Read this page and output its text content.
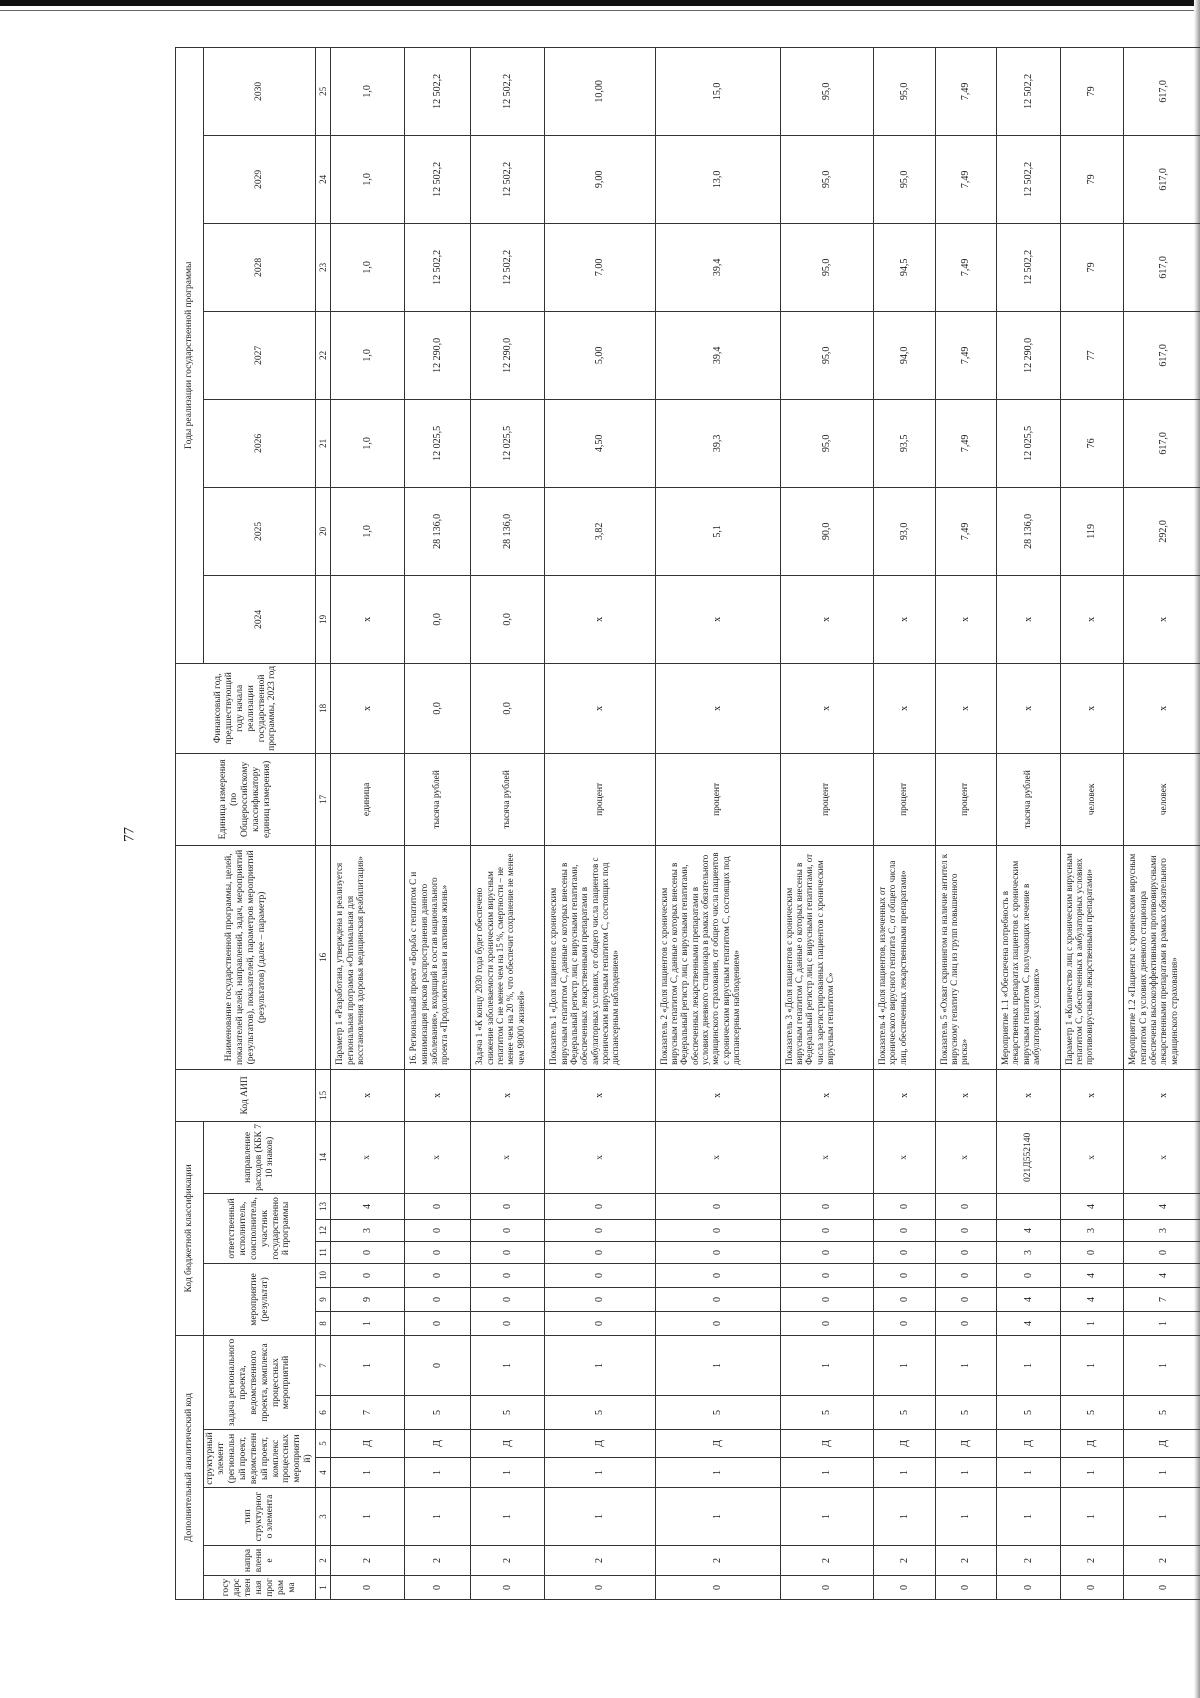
77
Дополнительный аналитический код							Код бюджетной классификации							Код АИП	Наименование государственной программы, целей, показателей целей, направлений, задач, мероприятий (результатов), показателей, параметров мероприятий (результатов) (далее – параметр)	Единица измерения (по Общероссийскому классификатору единиц измерения)	Финансовый год, предшествующий году начала реализации государственной программы, 2023 год	Годы реализации государственной программы						
государственная программа	направление	тип структурного элемента	структурный элемент (региональный проект, ведомственный проект, комплекс процессных мероприятий)		задача регионального проекта, ведомственного проекта, комплекса процессных мероприятий		мероприятие (результат)			ответственный исполнитель, соисполнитель, участник государственной программы			направление расходов (КБК 7 10 знаков)					2024	2025	2026	2027	2028	2029	2030
1	2	3	4	5	6	7	8	9	10	11	12	13	14	15	16	17	18	19	20	21	22	23	24	25
0	2	1	1	Д	7	1	1	9	0	0	3	4	x	x	Параметр 1 «Разработана, утверждена и реализуется региональная программа «Оптимальная для восстановления здоровья медицинская реабилитация»	единица	x	x	1,0	1,0	1,0	1,0	1,0	1,0
0	2	1	1	Д	5	0	0	0	0	0	0	0	x	x	16. Региональный проект «Борьба с гепатитом С и минимизация рисков распространения данного заболевания», входящий в состав национального проекта «Продолжительная и активная жизнь»	тысяча рублей	0,0	0,0	28 136,0	12 025,5	12 290,0	12 502,2	12 502,2	12 502,2
0	2	1	1	Д	5	1	0	0	0	0	0	0	x	x	Задача 1 «К концу 2030 года будет обеспечено снижение заболеваемости хроническим вирусным гепатитом С не менее чем на 15 %, смертности – не менее чем на 20 %, что обеспечит сохранение не менее чем 98000 жизней»	тысяча рублей	0,0	0,0	28 136,0	12 025,5	12 290,0	12 502,2	12 502,2	12 502,2
0	2	1	1	Д	5	1	0	0	0	0	0	0	x	x	Показатель 1 «Доля пациентов с хроническим вирусным гепатитом С, данные о которых внесены в Федеральный регистр лиц с вирусными гепатитами, обеспеченных лекарственными препаратами в амбулаторных условиях, от общего числа пациентов с хроническим вирусным гепатитом С, состоящих под диспансерным наблюдением»	процент	x	x	3,82	4,50	5,00	7,00	9,00	10,00
0	2	1	1	Д	5	1	0	0	0	0	0	0	x	x	Показатель 2 «Доля пациентов с хроническим вирусным гепатитом С, данные о которых внесены в Федеральный регистр лиц с вирусными гепатитами, обеспеченных лекарственными препаратами в условиях дневного стационара в рамках обязательного медицинского страхования, от общего числа пациентов с хроническим вирусным гепатитом С, состоящих под диспансерным наблюдением»	процент	x	x	5,1	39,3	39,4	39,4	13,0	15,0
0	2	1	1	Д	5	1	0	0	0	0	0	0	x	x	Показатель 3 «Доля пациентов с хроническим вирусным гепатитом С, данные о которых внесены в Федеральный регистр лиц с вирусными гепатитами, от числа зарегистрированных пациентов с хроническим вирусным гепатитом С»	процент	x	x	90,0	95,0	95,0	95,0	95,0	95,0
0	2	1	1	Д	5	1	0	0	0	0	0	0	x	x	Показатель 4 «Доля пациентов, излеченных от хронического вирусного гепатита С, от общего числа лиц, обеспеченных лекарственными препаратами»	процент	x	x	93,0	93,5	94,0	94,5	95,0	95,0
0	2	1	1	Д	5	1	0	0	0	0	0	0	x	x	Показатель 5 «Охват скринингом на наличие антител к вирусному гепатиту С лиц из групп повышенного риска»	процент	x	x	7,49	7,49	7,49	7,49	7,49	7,49
0	2	1	1	Д	5	1	4	4	0	3	4		021Д552140	x	Мероприятие 1.1 «Обеспечена потребность в лекарственных препаратах пациентов с хроническим вирусным гепатитом С, получающих лечение в амбулаторных условиях»	тысяча рублей	x	x	28 136,0	12 025,5	12 290,0	12 502,2	12 502,2	12 502,2
0	2	1	1	Д	5	1	1	4	4	0	3	4	x	x	Параметр 1 «Количество лиц с хроническим вирусным гепатитом С, обеспеченных в амбулаторных условиях противовирусными лекарственными препаратами»	человек	x	x	119	76	77	79	79	79
0	2	1	1	Д	5	1	1	7	4	0	3	4	x	x	Мероприятие 1.2 «Пациенты с хроническим вирусным гепатитом С в условиях дневного стационара обеспечены высокоэффективными противовирусными лекарственными препаратами в рамках обязательного медицинского страхования»	человек	x	x	292,0	617,0	617,0	617,0	617,0	617,0
